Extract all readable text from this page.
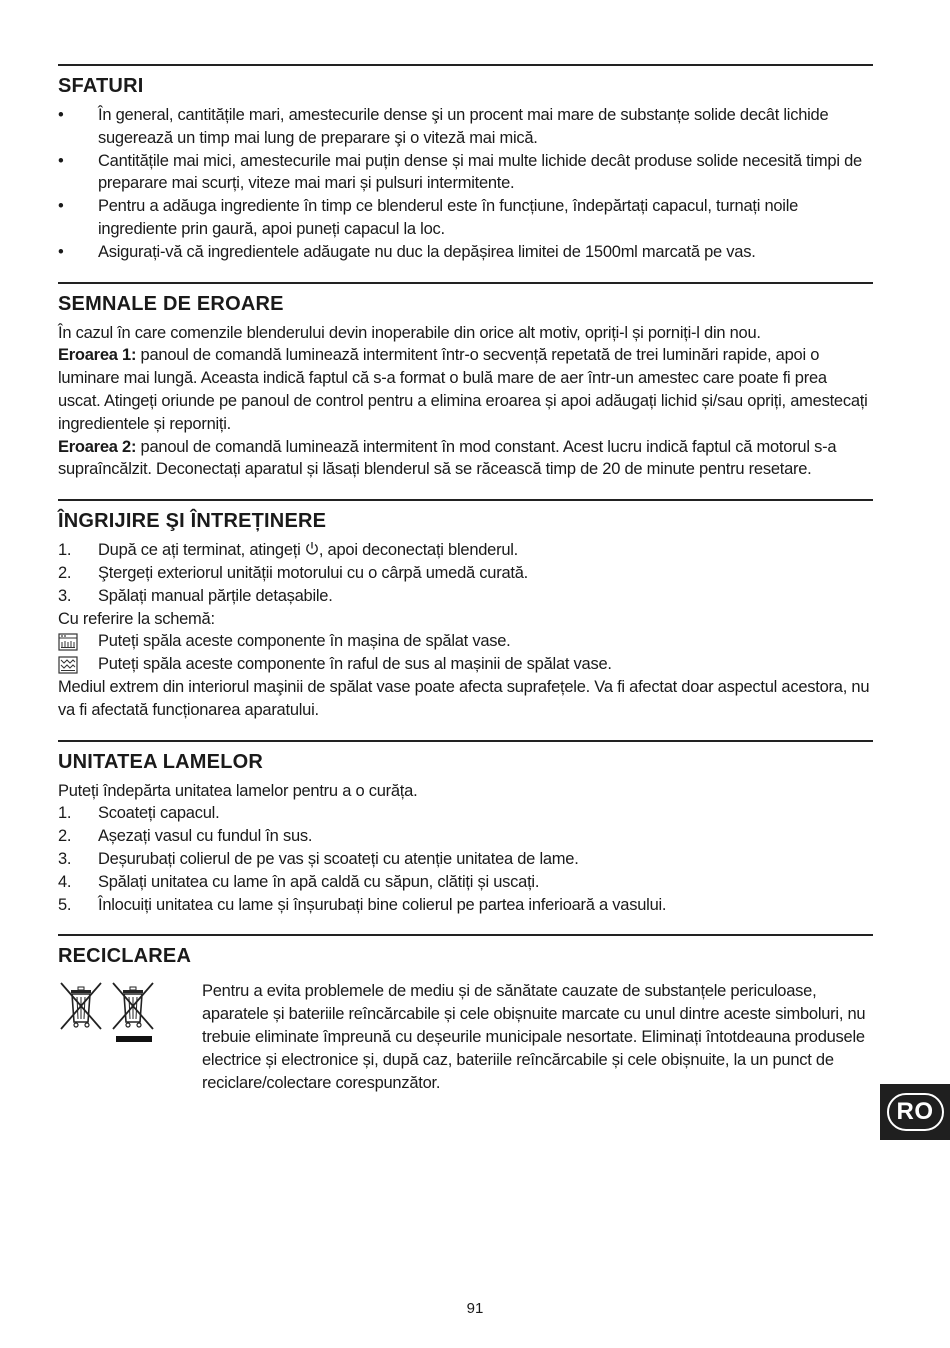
SFATURI
• În general, cantitățile mari, amestecurile dense şi un procent mai mare de substanțe solide decât lichide sugerează un timp mai lung de preparare şi o viteză mai mică.
• Cantitățile mai mici, amestecurile mai puțin dense și mai multe lichide decât produse solide necesită timpi de preparare mai scurți, viteze mai mari și pulsuri intermitente.
• Pentru a adăuga ingrediente în timp ce blenderul este în funcțiune, îndepărtați capacul, turnați noile ingrediente prin gaură, apoi puneți capacul la loc.
• Asigurați-vă că ingredientele adăugate nu duc la depășirea limitei de 1500ml marcată pe vas.
SEMNALE DE EROARE

În cazul în care comenzile blenderului devin inoperabile din orice alt motiv, opriți-l și porniți-l din nou.

Eroarea 1: panoul de comandă luminează intermitent într-o secvență repetată de trei luminări rapide, apoi o luminare mai lungă. Aceasta indică faptul că s-a format o bulă mare de aer într-un amestec care poate fi prea uscat. Atingeți oriunde pe panoul de control pentru a elimina eroarea și apoi adăugați lichid și/sau opriți, amestecați ingredientele și reporniți.

Eroarea 2: panoul de comandă luminează intermitent în mod constant. Acest lucru indică faptul că motorul s-a supraîncălzit. Deconectați aparatul și lăsați blenderul să se răcească timp de 20 de minute pentru resetare.

ÎNGRIJIRE ŞI ÎNTREȚINERE
1.	După ce ați terminat, atingeți , apoi deconectați blenderul.
2.	Ştergeți exteriorul unității motorului cu o cârpă umedă curată.
3.	Spălați manual părțile detașabile.

Cu referire la schemă:

Puteți spăla aceste componente în mașina de spălat vase.
Puteți spăla aceste componente în raful de sus al mașinii de spălat vase.

Mediul extrem din interiorul maşinii de spălat vase poate afecta suprafețele. Va fi afectat doar aspectul acestora, nu va fi afectată funcționarea aparatului.

UNITATEA LAMELOR

Puteți îndepărta unitatea lamelor pentru a o curăța.

1.	Scoateți capacul.
2.	Așezați vasul cu fundul în sus.
3.	Deșurubați colierul de pe vas și scoateți cu atenție unitatea de lame.
4.	Spălați unitatea cu lame în apă caldă cu săpun, clătiți și uscați.
5.	Înlocuiți unitatea cu lame și înșurubați bine colierul pe partea inferioară a vasului.
RECICLAREA

Pentru a evita problemele de mediu și de sănătate cauzate de substanțele periculoase, aparatele și bateriile reîncărcabile și cele obișnuite marcate cu unul dintre aceste simboluri, nu trebuie eliminate împreună cu deșeurile municipale nesortate. Eliminați întotdeauna produsele electrice și electronice și, după caz, bateriile reîncărcabile și cele obișnuite, la un punct de reciclare/colectare corespunzător.

RO
91
